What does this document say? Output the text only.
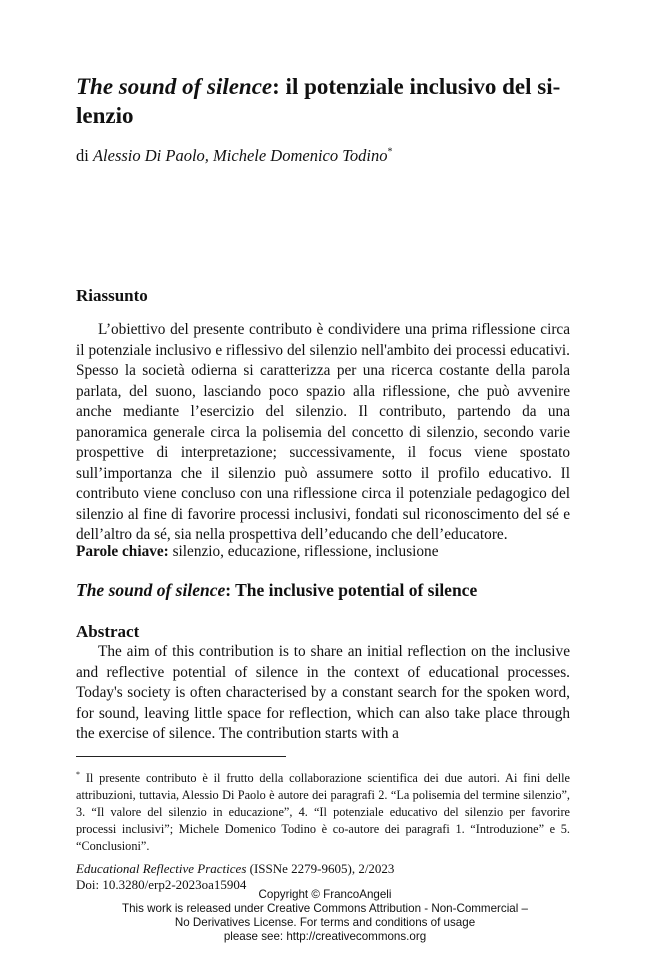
The sound of silence: il potenziale inclusivo del silenzio
di Alessio Di Paolo, Michele Domenico Todino*
Riassunto

L’obiettivo del presente contributo è condividere una prima riflessione circa il potenziale inclusivo e riflessivo del silenzio nell'ambito dei processi educativi. Spesso la società odierna si caratterizza per una ricerca costante della parola parlata, del suono, lasciando poco spazio alla riflessione, che può avvenire anche mediante l’esercizio del silenzio. Il contributo, partendo da una panoramica generale circa la polisemia del concetto di silenzio, secondo varie prospettive di interpretazione; successivamente, il focus viene spostato sull’importanza che il silenzio può assumere sotto il profilo educativo. Il contributo viene concluso con una riflessione circa il potenziale pedagogico del silenzio al fine di favorire processi inclusivi, fondati sul riconoscimento del sé e dell’altro da sé, sia nella prospettiva dell’educando che dell’educatore.

Parole chiave: silenzio, educazione, riflessione, inclusione
The sound of silence: The inclusive potential of silence
Abstract

The aim of this contribution is to share an initial reflection on the inclusive and reflective potential of silence in the context of educational processes. Today's society is often characterised by a constant search for the spoken word, for sound, leaving little space for reflection, which can also take place through the exercise of silence. The contribution starts with a

* Il presente contributo è il frutto della collaborazione scientifica dei due autori. Ai fini delle attribuzioni, tuttavia, Alessio Di Paolo è autore dei paragrafi 2. “La polisemia del termine silenzio”, 3. “Il valore del silenzio in educazione”, 4. “Il potenziale educativo del silenzio per favorire processi inclusivi”; Michele Domenico Todino è co-autore dei paragrafi 1. “Introduzione” e 5. “Conclusioni”.

Educational Reflective Practices (ISSNe 2279-9605), 2/2023
Doi: 10.3280/erp2-2023oa15904
Copyright © FrancoAngeli
This work is released under Creative Commons Attribution - Non-Commercial –
No Derivatives License. For terms and conditions of usage
please see: http://creativecommons.org
